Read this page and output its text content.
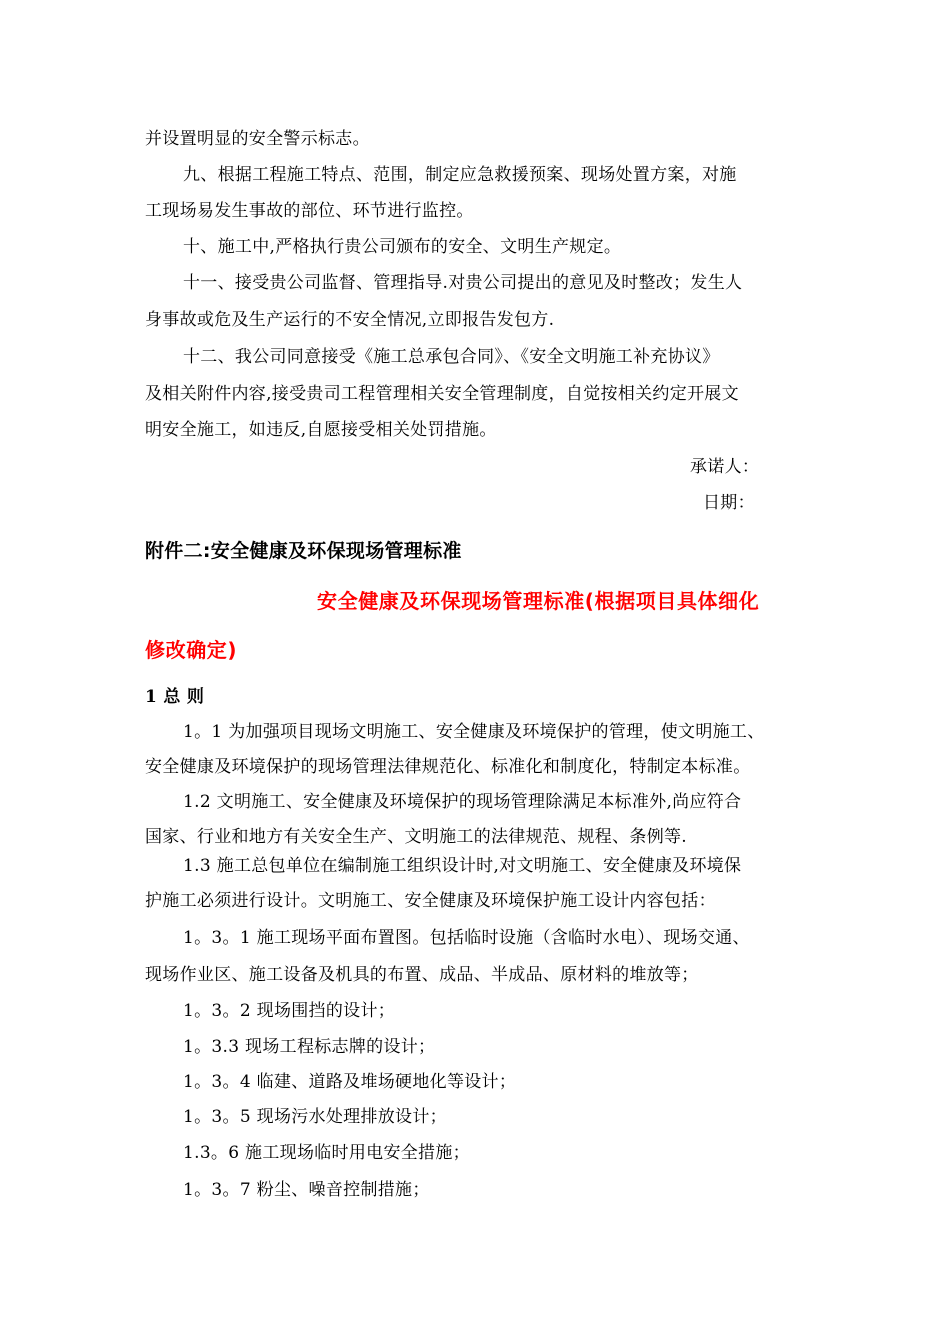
并设置明显的安全警示标志。
九、根据工程施工特点、范围，制定应急救援预案、现场处置方案，对施
工现场易发生事故的部位、环节进行监控。
十、施工中,严格执行贵公司颁布的安全、文明生产规定。
十一、接受贵公司监督、管理指导.对贵公司提出的意见及时整改；发生人
身事故或危及生产运行的不安全情况,立即报告发包方.
十二、我公司同意接受《施工总承包合同》、《安全文明施工补充协议》
及相关附件内容,接受贵司工程管理相关安全管理制度，自觉按相关约定开展文
明安全施工，如违反,自愿接受相关处罚措施。
承诺人：
日期：
附件二:安全健康及环保现场管理标准
安全健康及环保现场管理标准(根据项目具体细化
修改确定)
1 总 则
1。1 为加强项目现场文明施工、安全健康及环境保护的管理，使文明施工、
安全健康及环境保护的现场管理法律规范化、标准化和制度化，特制定本标准。
1.2 文明施工、安全健康及环境保护的现场管理除满足本标准外,尚应符合
国家、行业和地方有关安全生产、文明施工的法律规范、规程、条例等.
1.3 施工总包单位在编制施工组织设计时,对文明施工、安全健康及环境保
护施工必须进行设计。文明施工、安全健康及环境保护施工设计内容包括：
1。3。1 施工现场平面布置图。包括临时设施（含临时水电）、现场交通、
现场作业区、施工设备及机具的布置、成品、半成品、原材料的堆放等；
1。3。2 现场围挡的设计；
1。3.3 现场工程标志牌的设计；
1。3。4 临建、道路及堆场硬地化等设计；
1。3。5 现场污水处理排放设计；
1.3。6 施工现场临时用电安全措施；
1。3。7 粉尘、噪音控制措施；
